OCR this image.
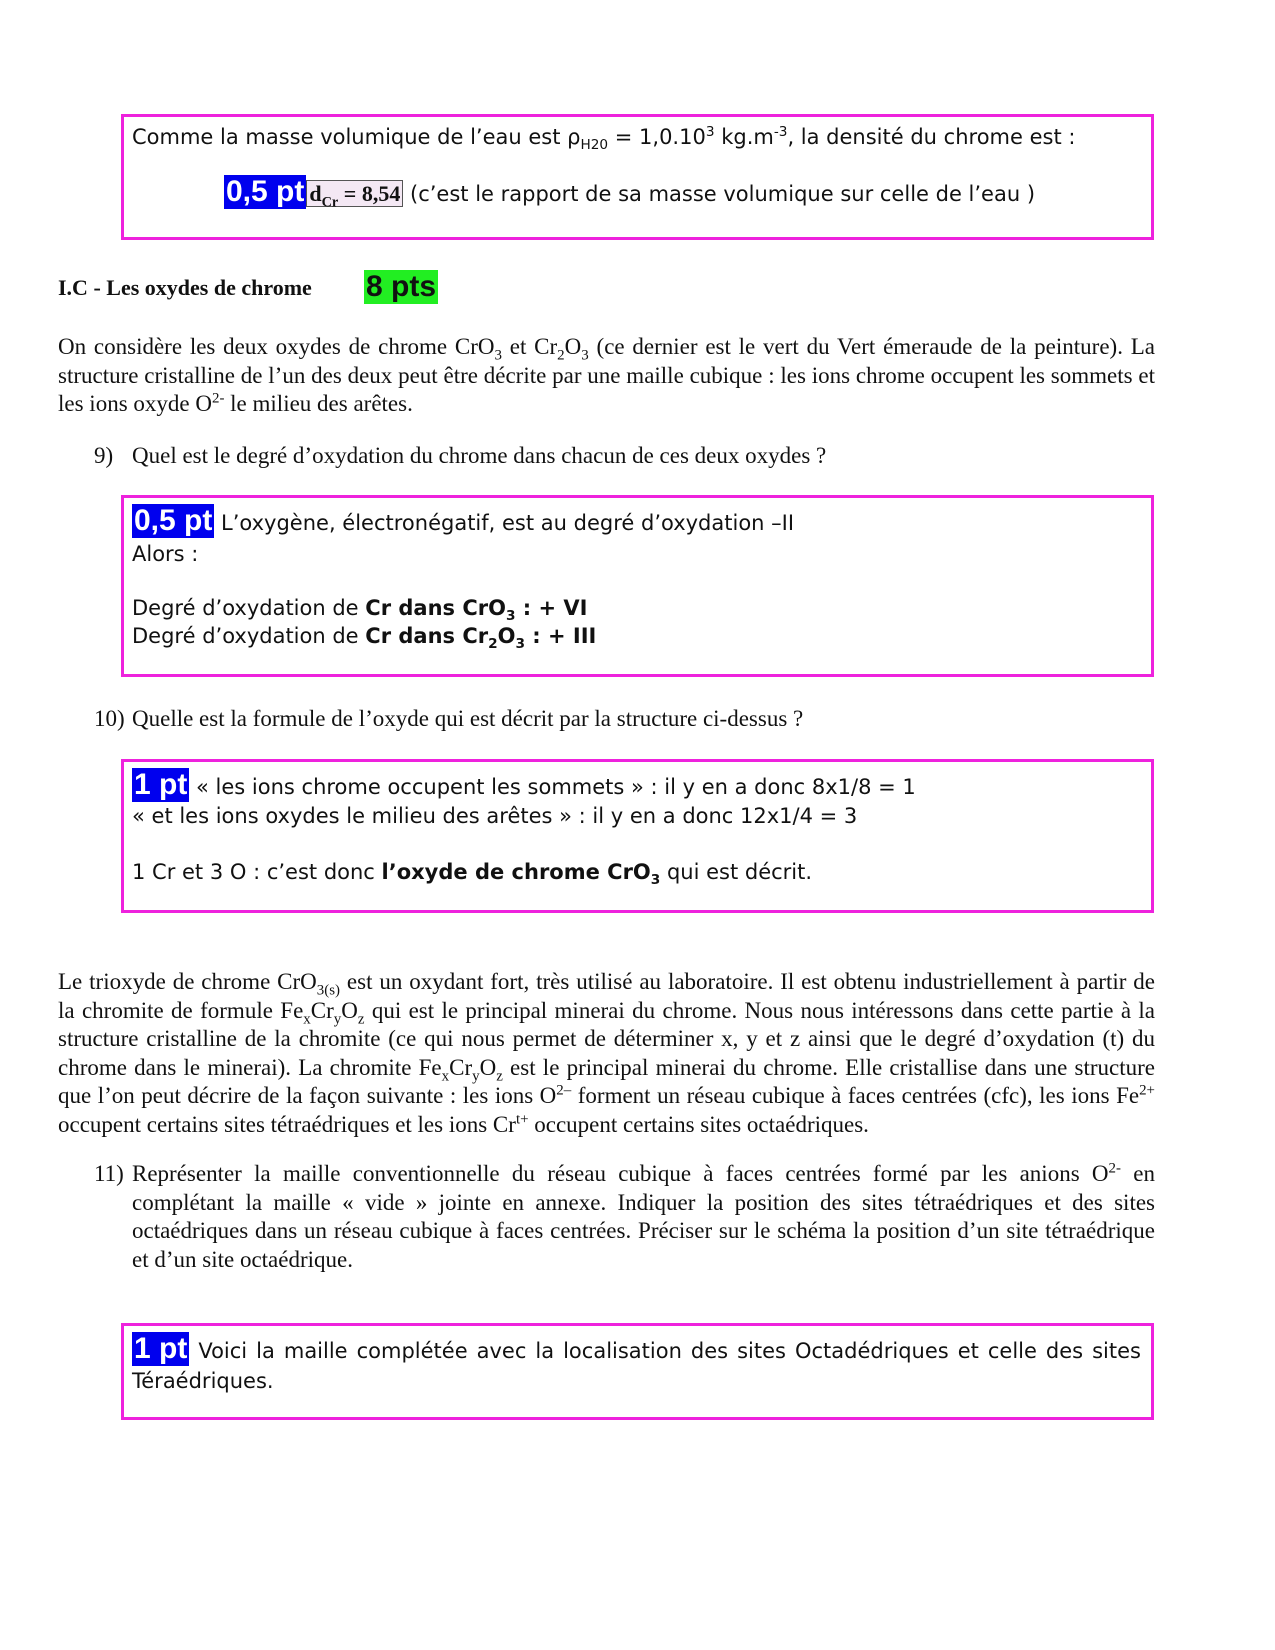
Comme la masse volumique de l’eau est $\rho_{H20} = 1,0.10^3$ $kg.m^{-3}$, la densité du chrome est :
0,5 pt $d_{Cr} = 8,54$ (c’est le rapport de sa masse volumique sur celle de l’eau )
I.C - Les oxydes de chrome 8 pts
On considère les deux oxydes de chrome CrO$_3$ et $Cr_2O_3$ (ce dernier est le vert du Vert émeraude de la peinture). La structure cristalline de l’un des deux peut être décrite par une maille cubique : les ions chrome occupent les sommets et les ions oxyde $O^{2-}$ le milieu des arêtes.
9) Quel est le degré d’oxydation du chrome dans chacun de ces deux oxydes ?
0,5 pt L’oxygène, électronégatif, est au degré d’oxydation –II
Alors :
Degré d’oxydation de Cr dans CrO$_3$ : + VI
Degré d’oxydation de Cr dans $Cr_2O_3$ : + III
10) Quelle est la formule de l’oxyde qui est décrit par la structure ci-dessus ?
1 pt « les ions chrome occupent les sommets » : il y en a donc 8x1/8 = 1
« et les ions oxydes le milieu des arêtes » : il y en a donc 12x1/4 = 3
1 Cr et 3 O : c’est donc l’oxyde de chrome CrO$_3$ qui est décrit.
Le trioxyde de chrome CrO$_{3(s)}$ est un oxydant fort, très utilisé au laboratoire. Il est obtenu industriellement à partir de la chromite de formule $Fe_xCr_yO_z$ qui est le principal minerai du chrome. Nous nous intéressons dans cette partie à la structure cristalline de la chromite (ce qui nous permet de déterminer x, y et z ainsi que le degré d’oxydation (t) du chrome dans le minerai). La chromite $Fe_xCr_yO_z$ est le principal minerai du chrome. Elle cristallise dans une structure que l’on peut décrire de la façon suivante : les ions $O^{2-}$ forment un réseau cubique à faces centrées (cfc), les ions $Fe^{2+}$ occupent certains sites tétraédriques et les ions $Cr^{t+}$ occupent certains sites octaédriques.
11) Représenter la maille conventionnelle du réseau cubique à faces centrées formé par les anions $O^{2-}$ en complétant la maille « vide » jointe en annexe. Indiquer la position des sites tétraédriques et des sites octaédriques dans un réseau cubique à faces centrées. Préciser sur le schéma la position d’un site tétraédrique et d’un site octaédrique.
1 pt Voici la maille complétée avec la localisation des sites Octadédriques et celle des sites Téraédriques.
